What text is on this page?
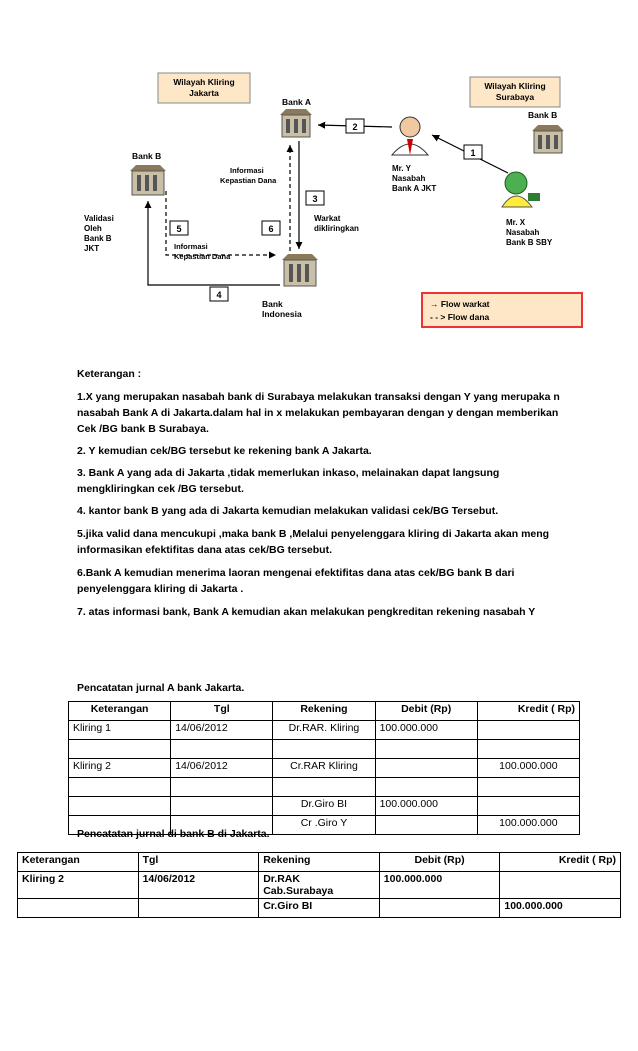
Wilayah Kliring
Jakarta
Wilayah Kliring
Surabaya
Bank A
Bank B
Bank B
Bank
Indonesia
Mr. Y
Nasabah
Bank A JKT
Mr. X
Nasabah
Bank B SBY
1
2
3
4
5	6
Informasi
Kepastian Dana
Informasi
Kepastian Dana
Warkat
dikliringkan
Validasi
Oleh
Bank B
JKT
→ Flow warkat
- - > Flow dana
Keterangan :
1.X yang merupakan nasabah bank di Surabaya melakukan transaksi dengan Y yang merupaka n nasabah Bank A di Jakarta.dalam hal in x melakukan pembayaran dengan y dengan memberikan Cek /BG bank B Surabaya.
2. Y kemudian cek/BG tersebut ke rekening bank A Jakarta.
3. Bank A yang ada di Jakarta ,tidak memerlukan inkaso, melainakan dapat langsung mengkliringkan cek /BG tersebut.
4. kantor bank B yang ada di Jakarta kemudian melakukan validasi cek/BG Tersebut.
5.jika valid dana mencukupi ,maka bank B ,Melalui penyelenggara kliring di Jakarta akan meng informasikan efektifitas dana atas cek/BG tersebut.
6.Bank A kemudian menerima laoran mengenai efektifitas dana atas cek/BG bank B dari penyelenggara kliring di Jakarta .
7. atas informasi bank, Bank A kemudian akan melakukan pengkreditan rekening nasabah Y
Pencatatan jurnal A bank Jakarta.
Keterangan	Tgl	Rekening	Debit (Rp)	Kredit ( Rp)
Kliring 1	14/06/2012	Dr.RAR. Kliring	100.000.000	

Kliring 2	14/06/2012	Cr.RAR Kliring		100.000.000

		Dr.Giro BI	100.000.000	
		Cr .Giro Y		100.000.000
Pencatatan jurnal di bank B di Jakarta.
Keterangan	Tgl	Rekening	Debit (Rp)	Kredit ( Rp)
Kliring 2	14/06/2012	Dr.RAK
Cab.Surabaya	100.000.000	
		Cr.Giro BI		100.000.000
